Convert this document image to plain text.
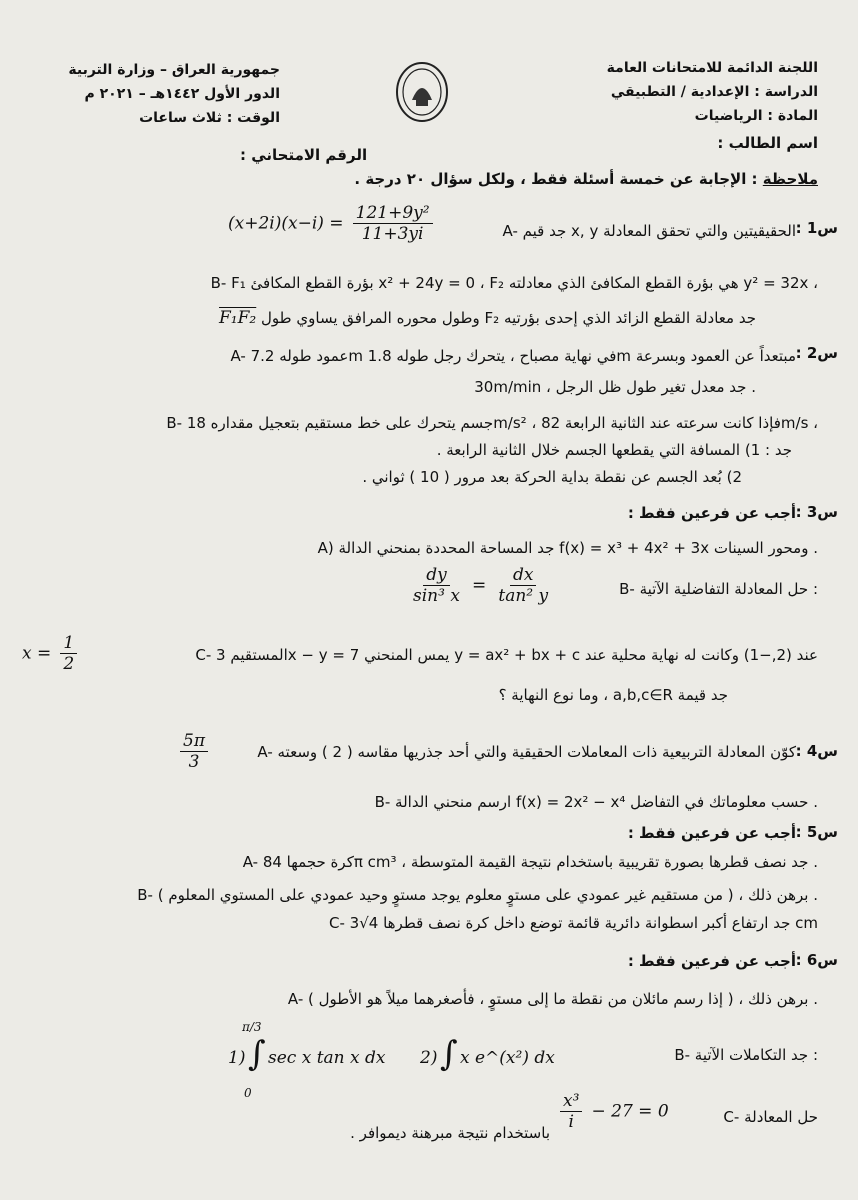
اللجنة الدائمة للامتحانات العامة
الدراسة : الإعدادية / التطبيقي
المادة : الرياضيات
اسم الطالب :
جمهورية العراق – وزارة التربية
الدور الأول ١٤٤٢هـ – ٢٠٢١ م
الوقت : ثلاث ساعات
الرقم الامتحاني :
ملاحظة : الإجابة عن خمسة أسئلة فقط ، ولكل سؤال ٢٠ درجة .
س1 :
A- جد قيم x, y الحقيقيتين والتي تحقق المعادلة
$(x+2i)(x-i) = \frac{\text{121+9y²}}{11+3yi}$
B- F₁ بؤرة القطع المكافئ x² + 24y = 0 ، F₂ هي بؤرة القطع المكافئ الذي معادلته y² = 32x ،
جد معادلة القطع الزائد الذي إحدى بؤرتيه F₂ وطول محوره المرافق يساوي طول F₁F₂
س2 :
A- عمود طوله 7.2m في نهاية مصباح ، يتحرك رجل طوله 1.8m مبتعداً عن العمود وبسرعة
30m/min ، جد معدل تغير طول ظل الرجل .
B- جسم يتحرك على خط مستقيم بتعجيل مقداره 18m/s² ، فإذا كانت سرعته عند الثانية الرابعة 82m/s ،
جد : 1) المسافة التي يقطعها الجسم خلال الثانية الرابعة .
2) بُعد الجسم عن نقطة بداية الحركة بعد مرور ( 10 ) ثواني .
س3 :
أجب عن فرعين فقط :
A) جد المساحة المحددة بمنحني الدالة f(x) = x³ + 4x² + 3x ومحور السينات .
B- حل المعادلة التفاضلية الآتية :
$\frac{dy}{\text{sin³ x}} = \frac{dx}{\text{tan² y}}$
C- المستقيم 3x − y = 7 يمس المنحني y = ax² + bx + c عند (2,−1) وكانت له نهاية محلية عند
$x = \frac{1}{2}$
جد قيمة a,b,c∈R ، وما نوع النهاية ؟
س4 :
A- كوّن المعادلة التربيعية ذات المعاملات الحقيقية والتي أحد جذريها مقاسه ( 2 ) وسعته
$\frac{5\pi}{3}$
B- ارسم منحني الدالة f(x) = 2x² − x⁴ حسب معلوماتك في التفاضل .
س5 :
أجب عن فرعين فقط :
A- كرة حجمها 84π cm³ ، جد نصف قطرها بصورة تقريبية باستخدام نتيجة القيمة المتوسطة .
B- ( من مستقيم غير عمودي على مستوٍ معلوم يوجد مستوٍ وحيد عمودي على المستوي المعلوم ) ، برهن ذلك .
C- جد ارتفاع أكبر اسطوانة دائرية قائمة توضع داخل كرة نصف قطرها 4√3 cm
س6 :
أجب عن فرعين فقط :
A- ( إذا رسم مائلان من نقطة ما إلى مستوٍ ، فأصغرهما ميلاً هو الأطول ) ، برهن ذلك .
B- جد التكاملات الآتية :
1)
π/3
∫
0
sec x tan x dx 2) ∫ x e^(x²) dx
C- حل المعادلة
$\frac{\text{x³}}{i} - 27 = 0$
باستخدام نتيجة مبرهنة ديموافر .
